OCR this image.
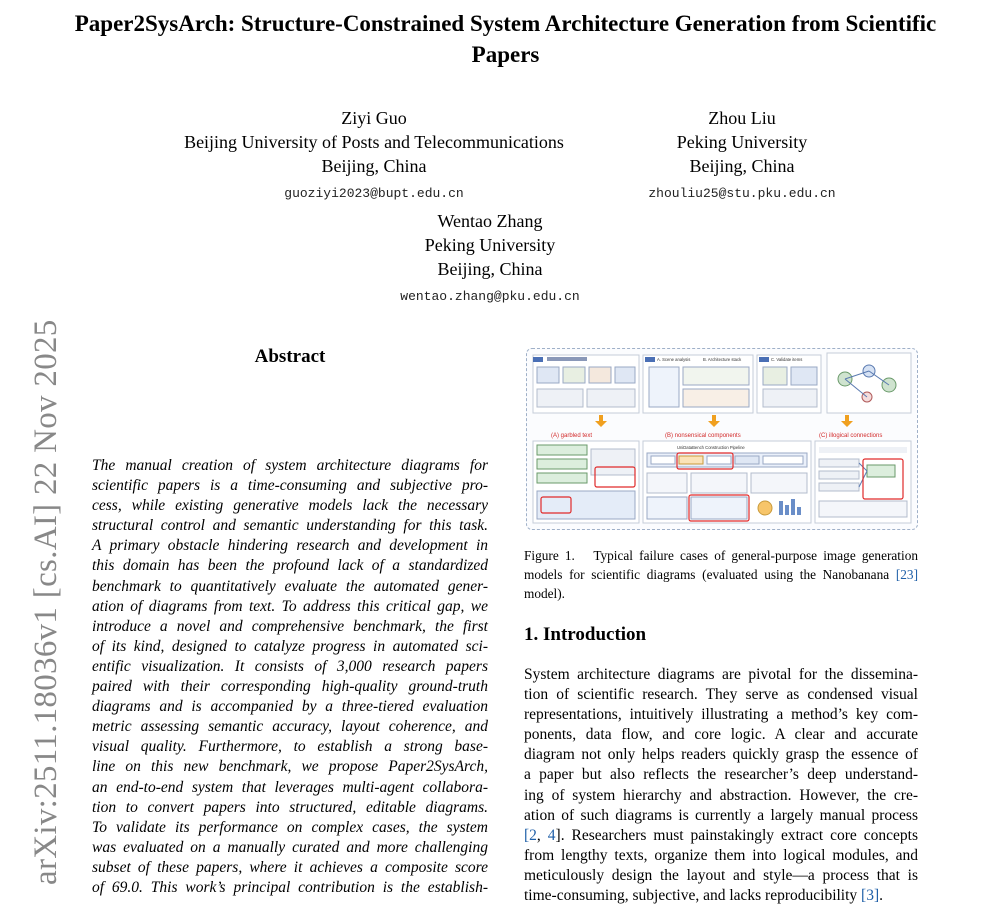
Paper2SysArch: Structure-Constrained System Architecture Generation from Scientific Papers
Ziyi Guo
Beijing University of Posts and Telecommunications
Beijing, China
guoziyi2023@bupt.edu.cn
Zhou Liu
Peking University
Beijing, China
zhouliu25@stu.pku.edu.cn
Wentao Zhang
Peking University
Beijing, China
wentao.zhang@pku.edu.cn
arXiv:2511.18036v1 [cs.AI] 22 Nov 2025	Abstract
The manual creation of system architecture diagrams for
scientific papers is a time-consuming and subjective pro-
cess, while existing generative models lack the necessary
structural control and semantic understanding for this task.
A primary obstacle hindering research and development in
this domain has been the profound lack of a standardized
benchmark to quantitatively evaluate the automated gener-
ation of diagrams from text. To address this critical gap, we
introduce a novel and comprehensive benchmark, the first
of its kind, designed to catalyze progress in automated sci-
entific visualization. It consists of 3,000 research papers
paired with their corresponding high-quality ground-truth
diagrams and is accompanied by a three-tiered evaluation
metric assessing semantic accuracy, layout coherence, and
visual quality. Furthermore, to establish a strong base-
line on this new benchmark, we propose Paper2SysArch,
an end-to-end system that leverages multi-agent collabora-
tion to convert papers into structured, editable diagrams.
To validate its performance on complex cases, the system
was evaluated on a manually curated and more challenging
subset of these papers, where it achieves a composite score
of 69.0. This work’s principal contribution is the establish-
A. Scene analysis	B. Architecture stack	C. Validate items
(A) garbled text	(B) nonsensical components	(C) illogical connections
UniDataBench Construction Pipeline
Figure 1. Typical failure cases of general-purpose image generation models for scientific diagrams (evaluated using the Nanobanana [23] model).
1. Introduction
System architecture diagrams are pivotal for the dissemina-
tion of scientific research. They serve as condensed visual
representations, intuitively illustrating a method’s key com-
ponents, data flow, and core logic. A clear and accurate
diagram not only helps readers quickly grasp the essence of
a paper but also reflects the researcher’s deep understand-
ing of system hierarchy and abstraction. However, the cre-
ation of such diagrams is currently a largely manual process
[2, 4]. Researchers must painstakingly extract core concepts
from lengthy texts, organize them into logical modules, and
meticulously design the layout and style—a process that is
time-consuming, subjective, and lacks reproducibility [3].
